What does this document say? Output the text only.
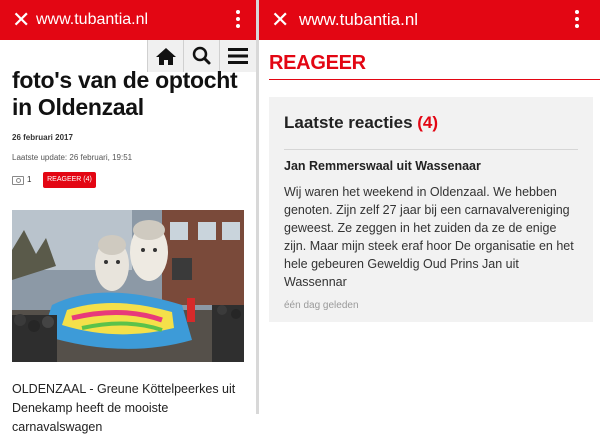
✕ www.tubantia.nl
foto's van de optocht in Oldenzaal
26 februari 2017
Laatste update: 26 februari, 19:51
1	REAGEER (4)
OLDENZAAL - Greune Köttelpeerkes uit Denekamp heeft de mooiste carnavalswagen
✕ www.tubantia.nl
REAGEER
Laatste reacties (4)
Jan Remmerswaal uit Wassenaar
Wij waren het weekend in Oldenzaal. We hebben genoten. Zijn zelf 27 jaar bij een carnavalvereniging geweest. Ze zeggen in het zuiden da ze de enige zijn. Maar mijn steek eraf hoor De organisatie en het hele gebeuren Geweldig Oud Prins Jan uit Wassennar
één dag geleden
